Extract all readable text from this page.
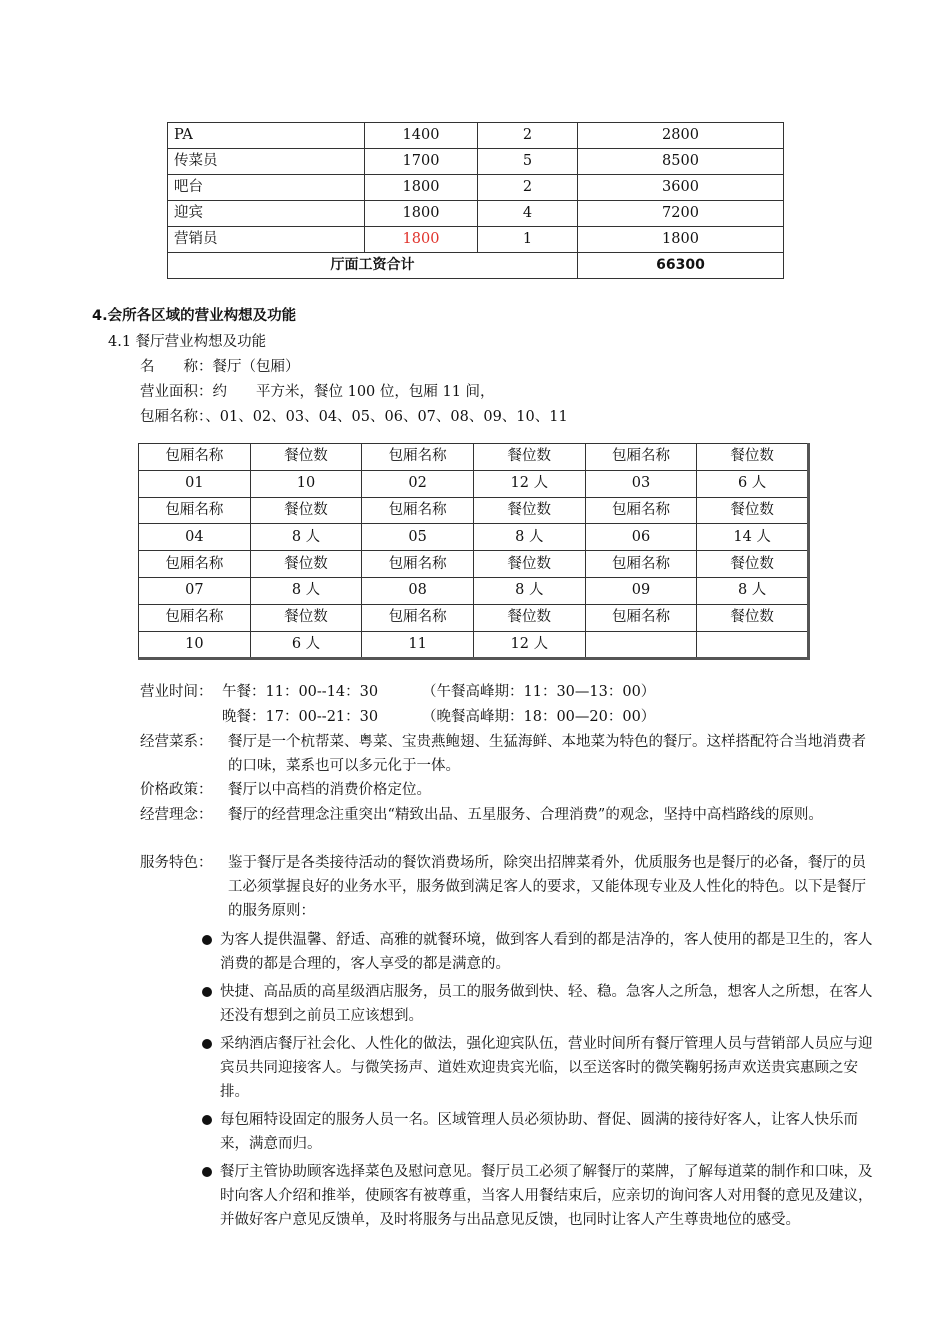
PA	1400	2	2800
传菜员	1700	5	8500
吧台	1800	2	3600
迎宾	1800	4	7200
营销员	1800	1	1800
厅面工资合计			66300
4.会所各区域的营业构想及功能
4.1 餐厅营业构想及功能
名　　称：餐厅（包厢）
营业面积：约　　平方米，餐位 100 位，包厢 11 间，
包厢名称：、01、02、03、04、05、06、07、08、09、10、11
包厢名称	餐位数	包厢名称	餐位数	包厢名称	餐位数
01	10	02	12 人	03	6 人
包厢名称	餐位数	包厢名称	餐位数	包厢名称	餐位数
04	8 人	05	8 人	06	14 人
包厢名称	餐位数	包厢名称	餐位数	包厢名称	餐位数
07	8 人	08	8 人	09	8 人
包厢名称	餐位数	包厢名称	餐位数	包厢名称	餐位数
10	6 人	11	12 人		
营业时间： 午餐：11：00--14：30	（午餐高峰期：11：30—13：00）
晚餐：17：00--21：30	（晚餐高峰期：18：00—20：00）
经营菜系： 餐厅是一个杭帮菜、粤菜、宝贵燕鲍翅、生猛海鲜、本地菜为特色的餐厅。这样搭配符合当地消费者的口味，菜系也可以多元化于一体。
价格政策： 餐厅以中高档的消费价格定位。
经营理念： 餐厅的经营理念注重突出“精致出品、五星服务、合理消费”的观念，坚持中高档路线的原则。
服务特色： 鉴于餐厅是各类接待活动的餐饮消费场所，除突出招牌菜肴外，优质服务也是餐厅的必备，餐厅的员工必须掌握良好的业务水平，服务做到满足客人的要求，又能体现专业及人性化的特色。以下是餐厅的服务原则：
为客人提供温馨、舒适、高雅的就餐环境，做到客人看到的都是洁净的，客人使用的都是卫生的，客人消费的都是合理的，客人享受的都是满意的。
快捷、高品质的高星级酒店服务，员工的服务做到快、轻、稳。急客人之所急，想客人之所想，在客人还没有想到之前员工应该想到。
采纳酒店餐厅社会化、人性化的做法，强化迎宾队伍，营业时间所有餐厅管理人员与营销部人员应与迎宾员共同迎接客人。与微笑扬声、道姓欢迎贵宾光临，以至送客时的微笑鞠躬扬声欢送贵宾惠顾之安排。
每包厢特设固定的服务人员一名。区域管理人员必须协助、督促、圆满的接待好客人，让客人快乐而来，满意而归。
餐厅主管协助顾客选择菜色及慰问意见。餐厅员工必须了解餐厅的菜牌，了解每道菜的制作和口味，及时向客人介绍和推举，使顾客有被尊重，当客人用餐结束后，应亲切的询问客人对用餐的意见及建议，并做好客户意见反馈单，及时将服务与出品意见反馈，也同时让客人产生尊贵地位的感受。
